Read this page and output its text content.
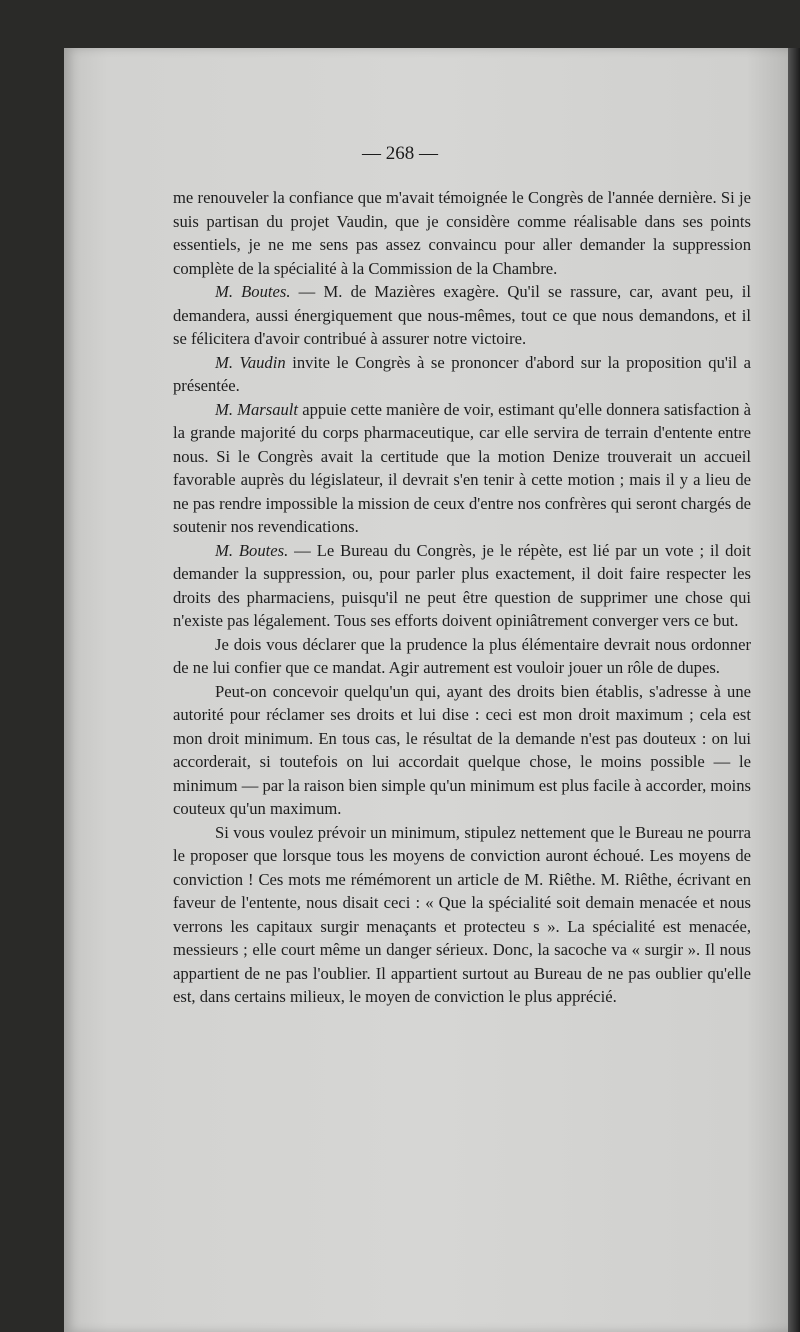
— 268 —

me renouveler la confiance que m'avait témoignée le Congrès de l'année dernière. Si je suis partisan du projet Vaudin, que je considère comme réalisable dans ses points essentiels, je ne me sens pas assez convaincu pour aller demander la suppression complète de la spécialité à la Commission de la Chambre.

M. Boutes. — M. de Mazières exagère. Qu'il se rassure, car, avant peu, il demandera, aussi énergiquement que nous-mêmes, tout ce que nous demandons, et il se félicitera d'avoir contribué à assurer notre victoire.

M. Vaudin invite le Congrès à se prononcer d'abord sur la proposition qu'il a présentée.

M. Marsault appuie cette manière de voir, estimant qu'elle donnera satisfaction à la grande majorité du corps pharmaceutique, car elle servira de terrain d'entente entre nous. Si le Congrès avait la certitude que la motion Denize trouverait un accueil favorable auprès du législateur, il devrait s'en tenir à cette motion ; mais il y a lieu de ne pas rendre impossible la mission de ceux d'entre nos confrères qui seront chargés de soutenir nos revendications.

M. Boutes. — Le Bureau du Congrès, je le répète, est lié par un vote ; il doit demander la suppression, ou, pour parler plus exactement, il doit faire respecter les droits des pharmaciens, puisqu'il ne peut être question de supprimer une chose qui n'existe pas légalement. Tous ses efforts doivent opiniâtrement converger vers ce but.

Je dois vous déclarer que la prudence la plus élémentaire devrait nous ordonner de ne lui confier que ce mandat. Agir autrement est vouloir jouer un rôle de dupes.

Peut-on concevoir quelqu'un qui, ayant des droits bien établis, s'adresse à une autorité pour réclamer ses droits et lui dise : ceci est mon droit maximum ; cela est mon droit minimum. En tous cas, le résultat de la demande n'est pas douteux : on lui accorderait, si toutefois on lui accordait quelque chose, le moins possible — le minimum — par la raison bien simple qu'un minimum est plus facile à accorder, moins couteux qu'un maximum.

Si vous voulez prévoir un minimum, stipulez nettement que le Bureau ne pourra le proposer que lorsque tous les moyens de conviction auront échoué. Les moyens de conviction ! Ces mots me rémémorent un article de M. Riêthe. M. Riêthe, écrivant en faveur de l'entente, nous disait ceci : « Que la spécialité soit demain menacée et nous verrons les capitaux surgir menaçants et protecteu s ». La spécialité est menacée, messieurs ; elle court même un danger sérieux. Donc, la sacoche va « surgir ». Il nous appartient de ne pas l'oublier. Il appartient surtout au Bureau de ne pas oublier qu'elle est, dans certains milieux, le moyen de conviction le plus apprécié.
